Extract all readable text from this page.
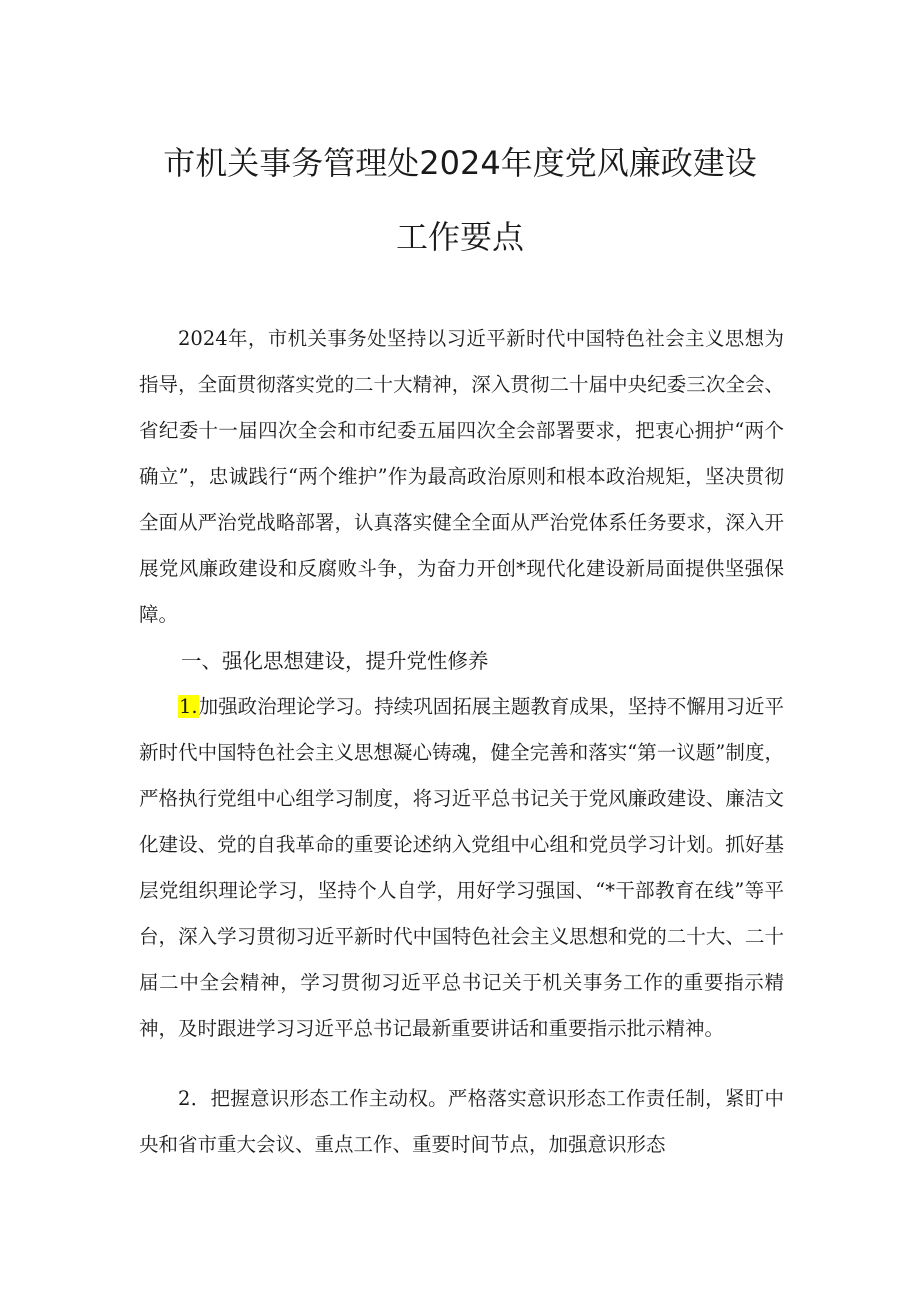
市机关事务管理处2024年度党风廉政建设
工作要点

2024年，市机关事务处坚持以习近平新时代中国特色社会主义思想为指导，全面贯彻落实党的二十大精神，深入贯彻二十届中央纪委三次全会、省纪委十一届四次全会和市纪委五届四次全会部署要求，把衷心拥护“两个确立”，忠诚践行“两个维护”作为最高政治原则和根本政治规矩，坚决贯彻全面从严治党战略部署，认真落实健全全面从严治党体系任务要求，深入开展党风廉政建设和反腐败斗争，为奋力开创*现代化建设新局面提供坚强保障。

一、强化思想建设，提升党性修养

1.加强政治理论学习。持续巩固拓展主题教育成果，坚持不懈用习近平新时代中国特色社会主义思想凝心铸魂，健全完善和落实“第一议题”制度，严格执行党组中心组学习制度，将习近平总书记关于党风廉政建设、廉洁文化建设、党的自我革命的重要论述纳入党组中心组和党员学习计划。抓好基层党组织理论学习，坚持个人自学，用好学习强国、“*干部教育在线”等平台，深入学习贯彻习近平新时代中国特色社会主义思想和党的二十大、二十届二中全会精神，学习贯彻习近平总书记关于机关事务工作的重要指示精神，及时跟进学习习近平总书记最新重要讲话和重要指示批示精神。

2．把握意识形态工作主动权。严格落实意识形态工作责任制，紧盯中央和省市重大会议、重点工作、重要时间节点，加强意识形态
